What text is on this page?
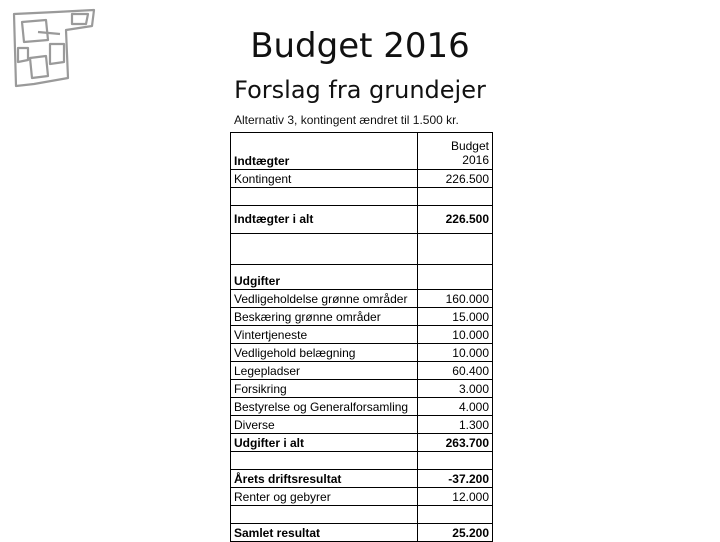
Budget 2016
Forslag fra grundejer
Alternativ 3, kontingent ændret til 1.500 kr.
Indtægter	Budget
2016
Kontingent	226.500

Indtægter i alt	226.500

Udgifter	
Vedligeholdelse grønne områder	160.000
Beskæring grønne områder	15.000
Vintertjeneste	10.000
Vedligehold belægning	10.000
Legepladser	60.400
Forsikring	3.000
Bestyrelse og Generalforsamling	4.000
Diverse	1.300
Udgifter i alt	263.700

Årets driftsresultat	-37.200
Renter og gebyrer	12.000

Samlet resultat	25.200
